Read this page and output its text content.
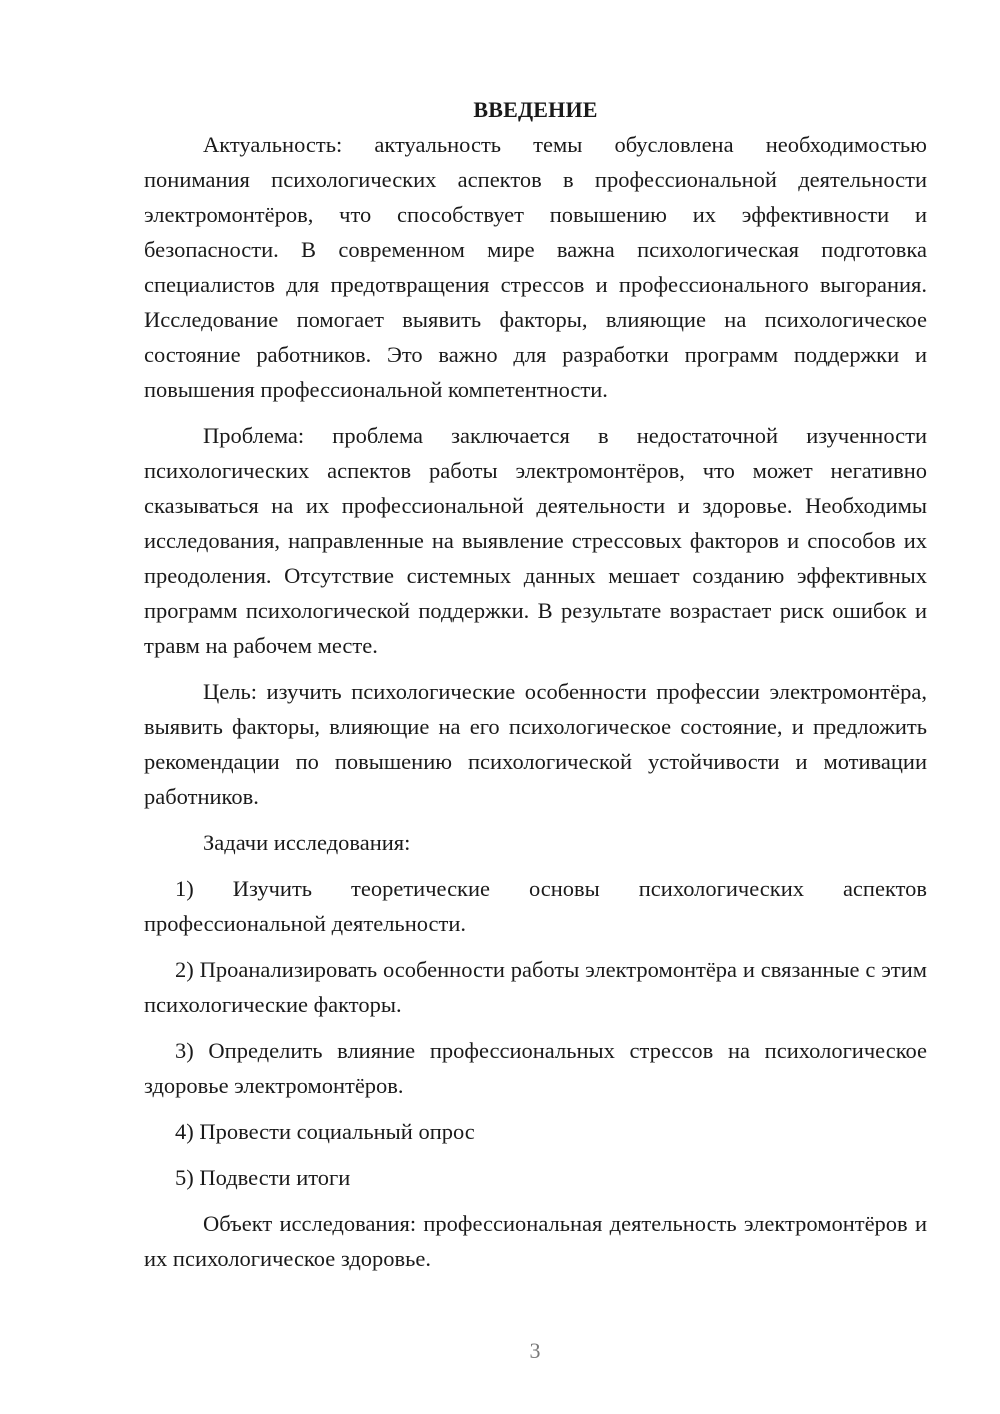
ВВЕДЕНИЕ

Актуальность: актуальность темы обусловлена необходимостью понимания психологических аспектов в профессиональной деятельности электромонтёров, что способствует повышению их эффективности и безопасности. В современном мире важна психологическая подготовка специалистов для предотвращения стрессов и профессионального выгорания. Исследование помогает выявить факторы, влияющие на психологическое состояние работников. Это важно для разработки программ поддержки и повышения профессиональной компетентности.

Проблема: проблема заключается в недостаточной изученности психологических аспектов работы электромонтёров, что может негативно сказываться на их профессиональной деятельности и здоровье. Необходимы исследования, направленные на выявление стрессовых факторов и способов их преодоления. Отсутствие системных данных мешает созданию эффективных программ психологической поддержки. В результате возрастает риск ошибок и травм на рабочем месте.

Цель: изучить психологические особенности профессии электромонтёра, выявить факторы, влияющие на его психологическое состояние, и предложить рекомендации по повышению психологической устойчивости и мотивации работников.

Задачи исследования:

1) Изучить теоретические основы психологических аспектов профессиональной деятельности.

2) Проанализировать особенности работы электромонтёра и связанные с этим психологические факторы.

3) Определить влияние профессиональных стрессов на психологическое здоровье электромонтёров.

4) Провести социальный опрос

5) Подвести итоги

Объект исследования: профессиональная деятельность электромонтёров и их психологическое здоровье.

3
